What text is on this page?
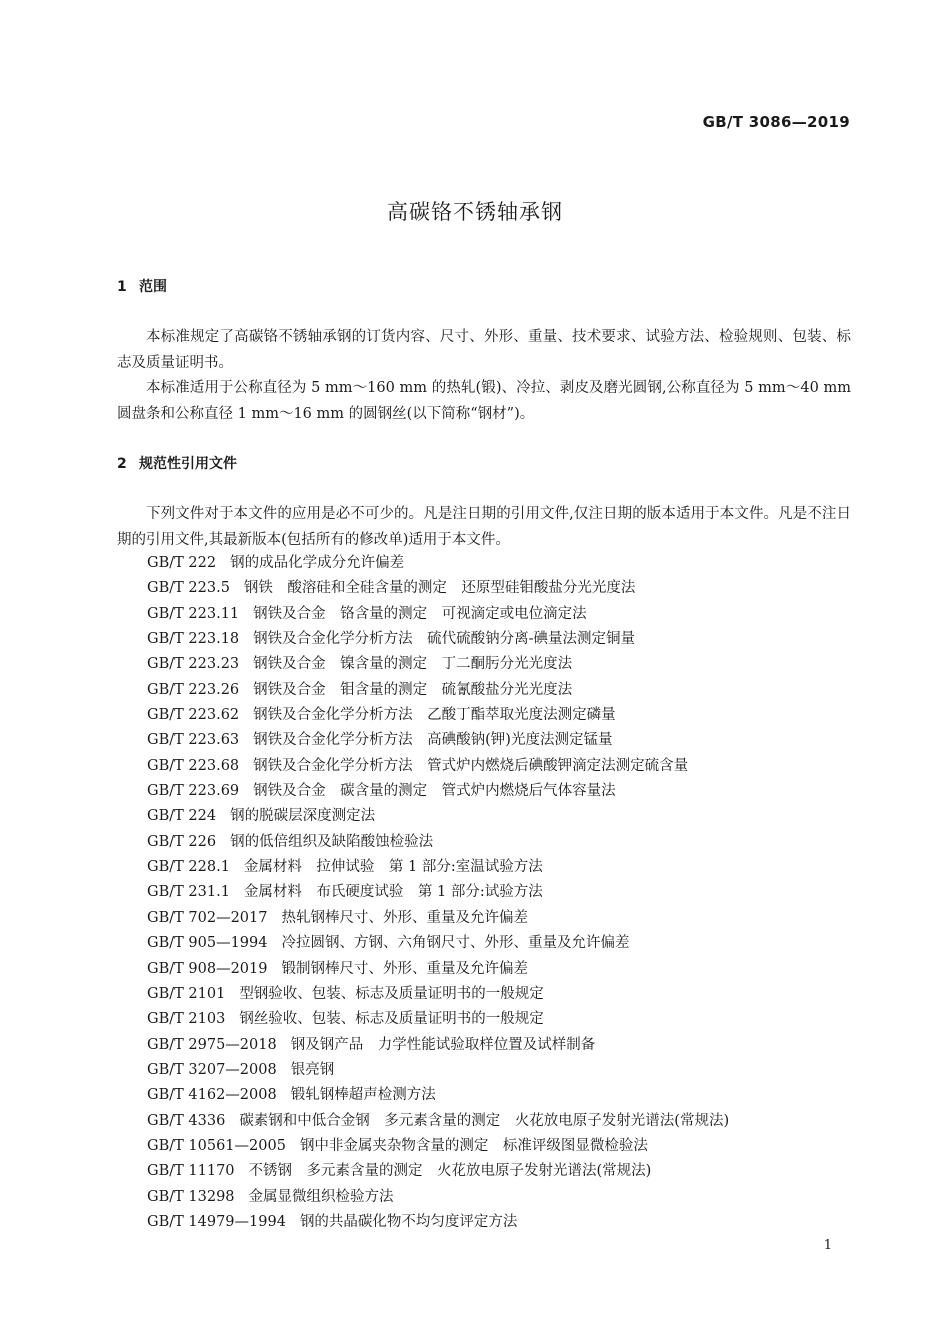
GB/T 3086—2019
高碳铬不锈轴承钢
1 范围

本标准规定了高碳铬不锈轴承钢的订货内容、尺寸、外形、重量、技术要求、试验方法、检验规则、包装、标志及质量证明书。

本标准适用于公称直径为 5 mm～160 mm 的热轧(锻)、冷拉、剥皮及磨光圆钢,公称直径为 5 mm～40 mm 圆盘条和公称直径 1 mm～16 mm 的圆钢丝(以下简称“钢材”)。

2 规范性引用文件

下列文件对于本文件的应用是必不可少的。凡是注日期的引用文件,仅注日期的版本适用于本文件。凡是不注日期的引用文件,其最新版本(包括所有的修改单)适用于本文件。

GB/T 222 钢的成品化学成分允许偏差
GB/T 223.5 钢铁　酸溶硅和全硅含量的测定　还原型硅钼酸盐分光光度法
GB/T 223.11 钢铁及合金　铬含量的测定　可视滴定或电位滴定法
GB/T 223.18 钢铁及合金化学分析方法　硫代硫酸钠分离-碘量法测定铜量
GB/T 223.23 钢铁及合金　镍含量的测定　丁二酮肟分光光度法
GB/T 223.26 钢铁及合金　钼含量的测定　硫氰酸盐分光光度法
GB/T 223.62 钢铁及合金化学分析方法　乙酸丁酯萃取光度法测定磷量
GB/T 223.63 钢铁及合金化学分析方法　高碘酸钠(钾)光度法测定锰量
GB/T 223.68 钢铁及合金化学分析方法　管式炉内燃烧后碘酸钾滴定法测定硫含量
GB/T 223.69 钢铁及合金　碳含量的测定　管式炉内燃烧后气体容量法
GB/T 224 钢的脱碳层深度测定法
GB/T 226 钢的低倍组织及缺陷酸蚀检验法
GB/T 228.1 金属材料　拉伸试验　第 1 部分:室温试验方法
GB/T 231.1 金属材料　布氏硬度试验　第 1 部分:试验方法
GB/T 702—2017 热轧钢棒尺寸、外形、重量及允许偏差
GB/T 905—1994 冷拉圆钢、方钢、六角钢尺寸、外形、重量及允许偏差
GB/T 908—2019 锻制钢棒尺寸、外形、重量及允许偏差
GB/T 2101 型钢验收、包装、标志及质量证明书的一般规定
GB/T 2103 钢丝验收、包装、标志及质量证明书的一般规定
GB/T 2975—2018 钢及钢产品　力学性能试验取样位置及试样制备
GB/T 3207—2008 银亮钢
GB/T 4162—2008 锻轧钢棒超声检测方法
GB/T 4336 碳素钢和中低合金钢　多元素含量的测定　火花放电原子发射光谱法(常规法)
GB/T 10561—2005 钢中非金属夹杂物含量的测定　标准评级图显微检验法
GB/T 11170 不锈钢　多元素含量的测定　火花放电原子发射光谱法(常规法)
GB/T 13298 金属显微组织检验方法
GB/T 14979—1994 钢的共晶碳化物不均匀度评定方法
1
